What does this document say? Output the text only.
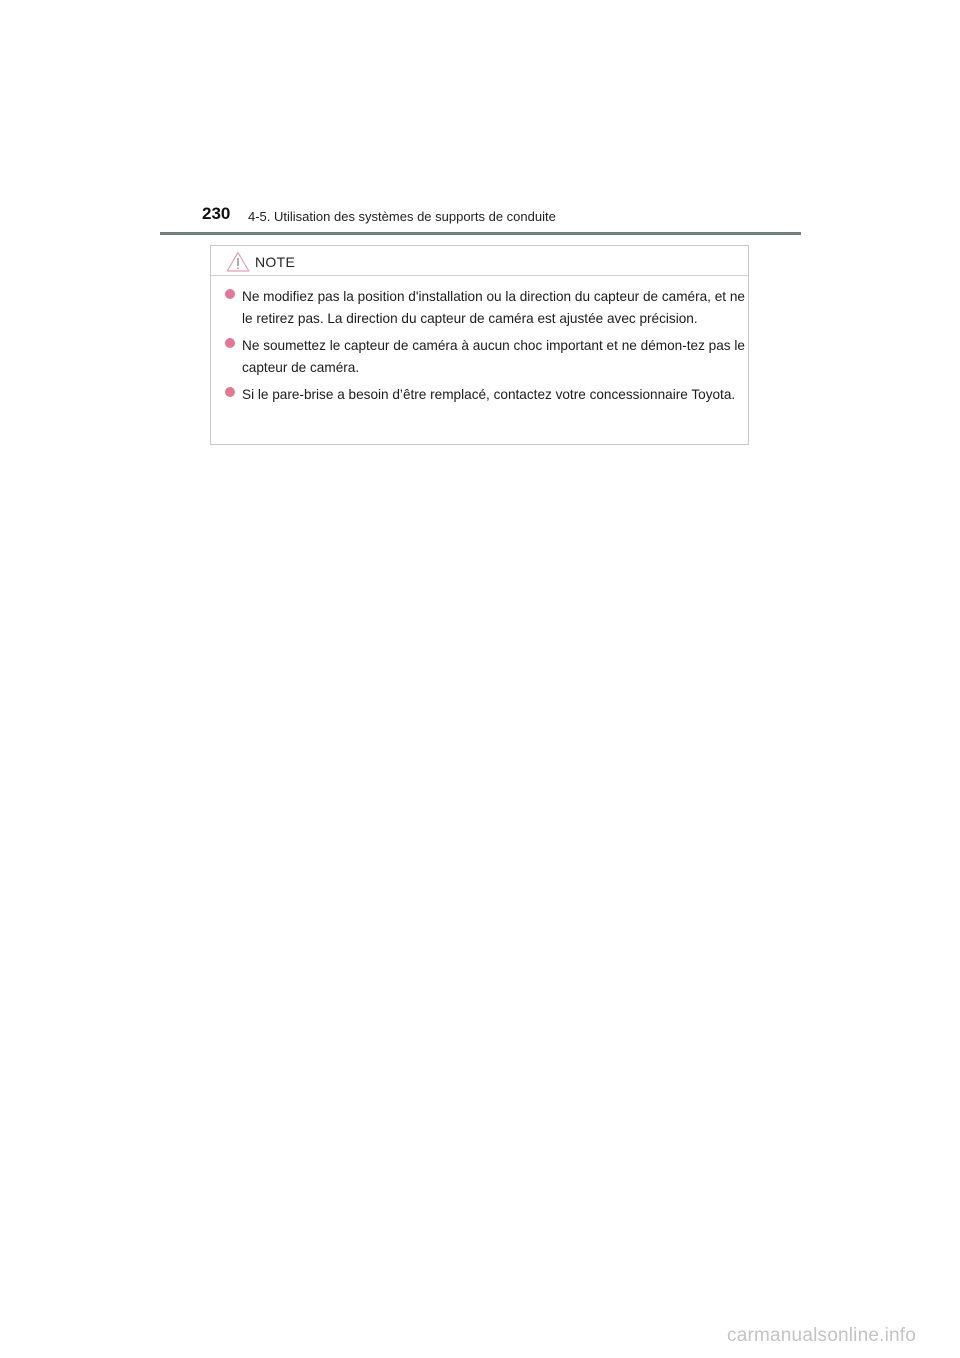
230 4-5. Utilisation des systèmes de supports de conduite
NOTE
Ne modifiez pas la position d'installation ou la direction du capteur de caméra, et ne le retirez pas. La direction du capteur de caméra est ajustée avec précision.
Ne soumettez le capteur de caméra à aucun choc important et ne démon-tez pas le capteur de caméra.
Si le pare-brise a besoin d’être remplacé, contactez votre concessionnaire Toyota.
carmanualsonline.info
